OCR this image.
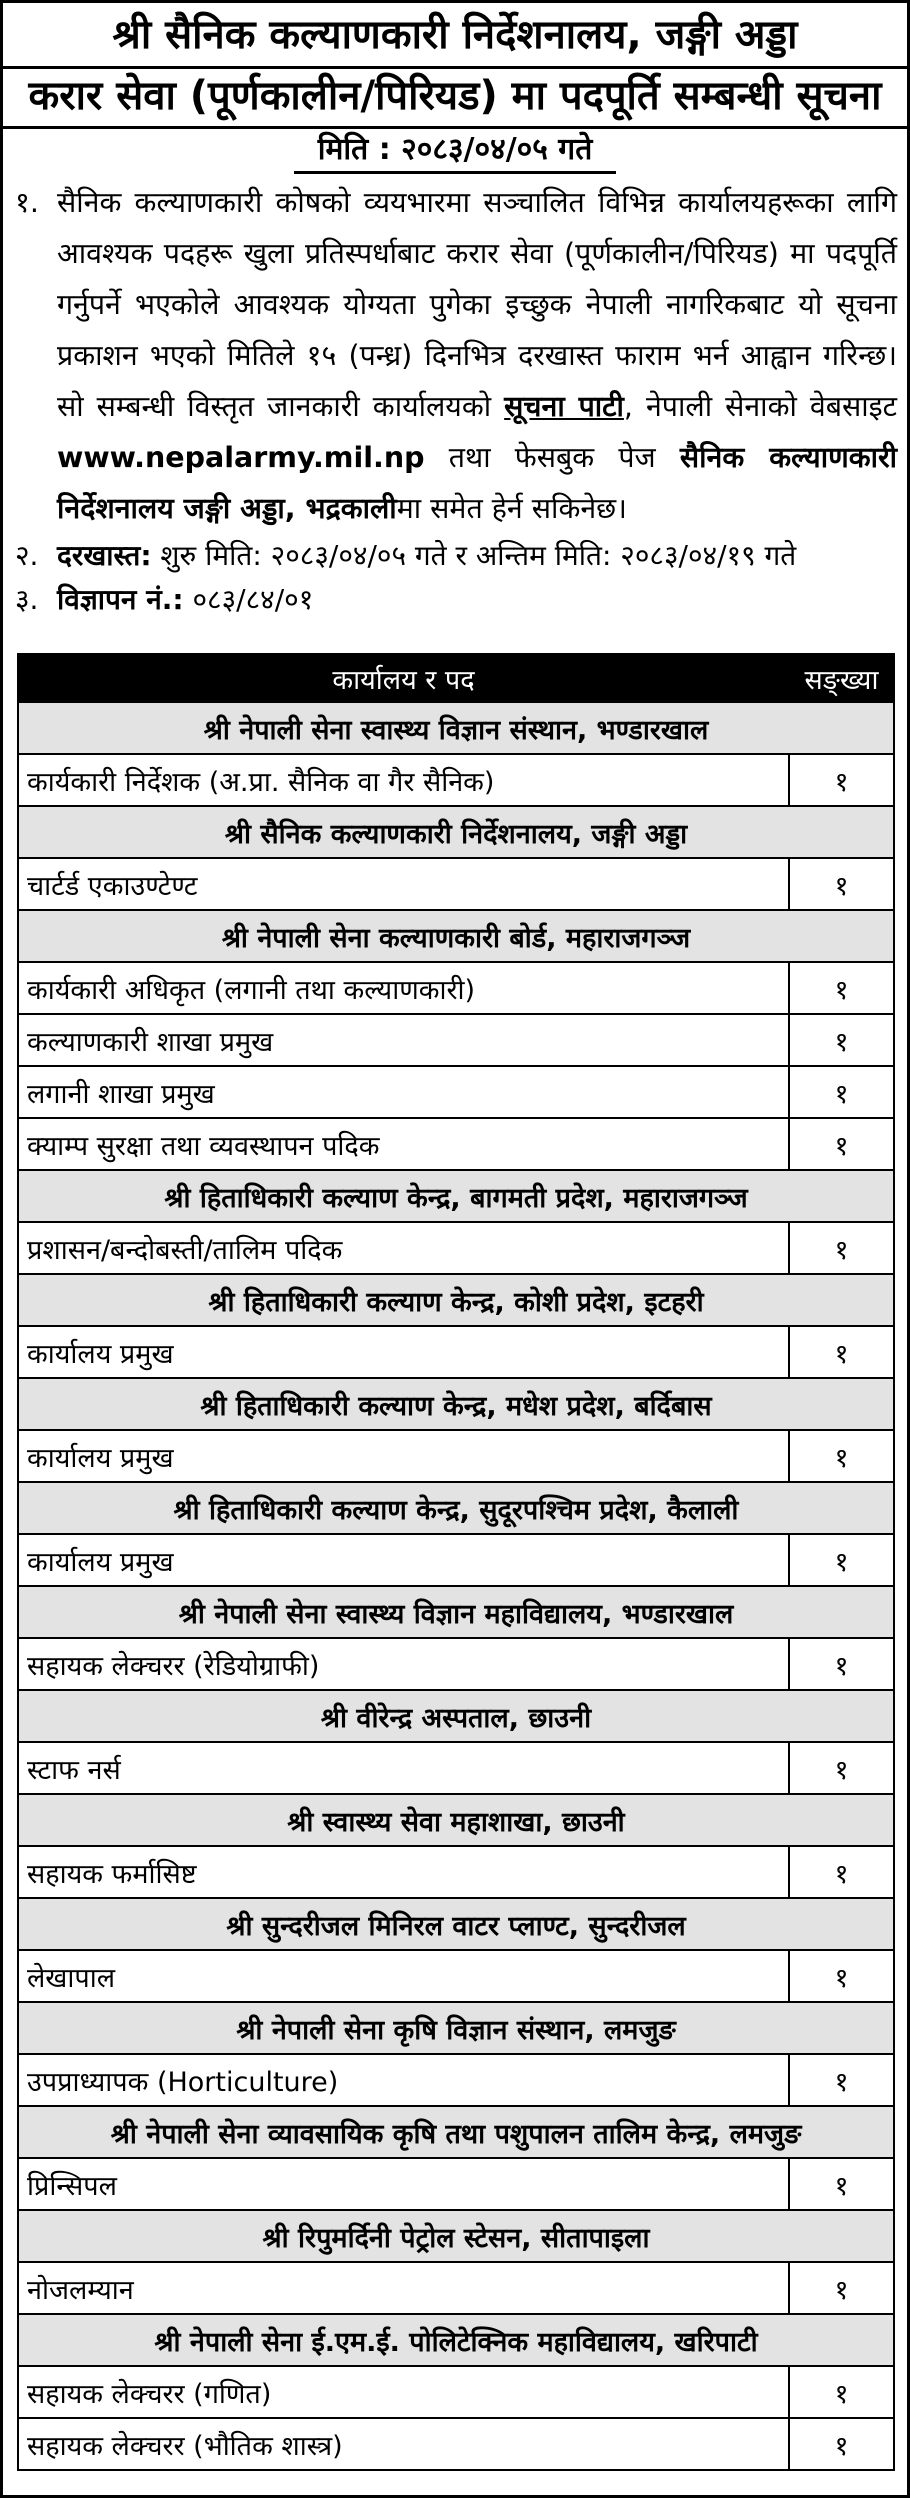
श्री सैनिक कल्याणकारी निर्देशनालय, जङ्गी अड्डा
करार सेवा (पूर्णकालीन/पिरियड) मा पदपूर्ति सम्बन्धी सूचना
मिति : २०८३/०४/०५ गते
१. सैनिक कल्याणकारी कोषको व्ययभारमा सञ्चालित विभिन्न कार्यालयहरूका लागि आवश्यक पदहरू खुला प्रतिस्पर्धाबाट करार सेवा (पूर्णकालीन/पिरियड) मा पदपूर्ति गर्नुपर्ने भएकोले आवश्यक योग्यता पुगेका इच्छुक नेपाली नागरिकबाट यो सूचना प्रकाशन भएको मितिले १५ (पन्ध्र) दिनभित्र दरखास्त फाराम भर्न आह्वान गरिन्छ। सो सम्बन्धी विस्तृत जानकारी कार्यालयको सूचना पाटी, नेपाली सेनाको वेबसाइट www.nepalarmy.mil.np तथा फेसबुक पेज सैनिक कल्याणकारी निर्देशनालय जङ्गी अड्डा, भद्रकालीमा समेत हेर्न सकिनेछ।
२. दरखास्त: शुरु मिति: २०८३/०४/०५ गते र अन्तिम मिति: २०८३/०४/१९ गते
३. विज्ञापन नं.: ०८३/८४/०१
कार्यालय र पद	सङ्ख्या
श्री नेपाली सेना स्वास्थ्य विज्ञान संस्थान, भण्डारखाल	
कार्यकारी निर्देशक (अ.प्रा. सैनिक वा गैर सैनिक)	१
श्री सैनिक कल्याणकारी निर्देशनालय, जङ्गी अड्डा	
चार्टर्ड एकाउण्टेण्ट	१
श्री नेपाली सेना कल्याणकारी बोर्ड, महाराजगञ्ज	
कार्यकारी अधिकृत (लगानी तथा कल्याणकारी)	१
कल्याणकारी शाखा प्रमुख	१
लगानी शाखा प्रमुख	१
क्याम्प सुरक्षा तथा व्यवस्थापन पदिक	१
श्री हिताधिकारी कल्याण केन्द्र, बागमती प्रदेश, महाराजगञ्ज	
प्रशासन/बन्दोबस्ती/तालिम पदिक	१
श्री हिताधिकारी कल्याण केन्द्र, कोशी प्रदेश, इटहरी	
कार्यालय प्रमुख	१
श्री हिताधिकारी कल्याण केन्द्र, मधेश प्रदेश, बर्दिबास	
कार्यालय प्रमुख	१
श्री हिताधिकारी कल्याण केन्द्र, सुदूरपश्चिम प्रदेश, कैलाली	
कार्यालय प्रमुख	१
श्री नेपाली सेना स्वास्थ्य विज्ञान महाविद्यालय, भण्डारखाल	
सहायक लेक्चरर (रेडियोग्राफी)	१
श्री वीरेन्द्र अस्पताल, छाउनी	
स्टाफ नर्स	१
श्री स्वास्थ्य सेवा महाशाखा, छाउनी	
सहायक फर्मासिष्ट	१
श्री सुन्दरीजल मिनिरल वाटर प्लाण्ट, सुन्दरीजल	
लेखापाल	१
श्री नेपाली सेना कृषि विज्ञान संस्थान, लमजुङ	
उपप्राध्यापक (Horticulture)	१
श्री नेपाली सेना व्यावसायिक कृषि तथा पशुपालन तालिम केन्द्र, लमजुङ	
प्रिन्सिपल	१
श्री रिपुमर्दिनी पेट्रोल स्टेसन, सीतापाइला	
नोजलम्यान	१
श्री नेपाली सेना ई.एम.ई. पोलिटेक्निक महाविद्यालय, खरिपाटी	
सहायक लेक्चरर (गणित)	१
सहायक लेक्चरर (भौतिक शास्त्र)	१
